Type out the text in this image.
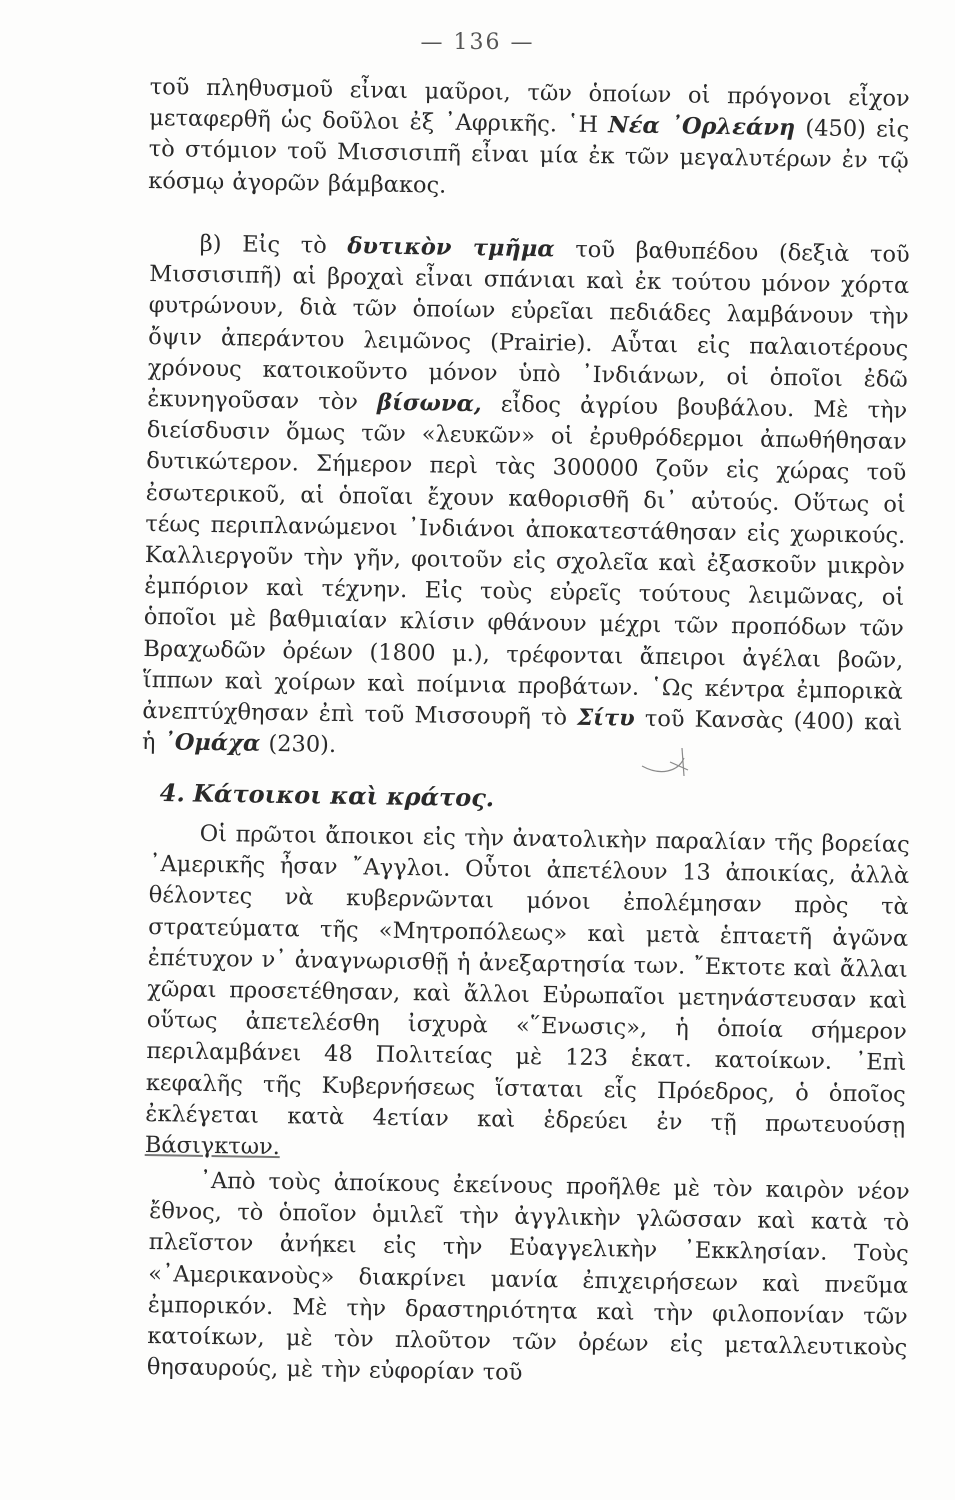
— 136 —

τοῦ πληθυσμοῦ εἶναι μαῦροι, τῶν ὁποίων οἱ πρόγονοι εἶχον μεταφερθῆ ὡς δοῦλοι ἐξ ᾿Αφρικῆς. ῾Η Νέα ᾿Ορλεάνη (450) εἰς τὸ στόμιον τοῦ Μισσισιπῆ εἶναι μία ἐκ τῶν μεγαλυτέρων ἐν τῷ κόσμῳ ἀγορῶν βάμβακος.

β) Εἰς τὸ δυτικὸν τμῆμα τοῦ βαθυπέδου (δεξιὰ τοῦ Μισσισιπῆ) αἱ βροχαὶ εἶναι σπάνιαι καὶ ἐκ τούτου μόνον χόρτα φυτρώνουν, διὰ τῶν ὁποίων εὐρεῖαι πεδιάδες λαμβάνουν τὴν ὄψιν ἀπεράντου λειμῶνος (Prairie). Αὗται εἰς παλαιοτέρους χρόνους κατοικοῦντο μόνον ὑπὸ ᾿Ινδιάνων, οἱ ὁποῖοι ἐδῶ ἐκυνηγοῦσαν τὸν βίσωνα, εἶδος ἀγρίου βουβάλου. Μὲ τὴν διείσδυσιν ὅμως τῶν «λευκῶν» οἱ ἐρυθρόδερμοι ἀπωθήθησαν δυτικώτερον. Σήμερον περὶ τὰς 300000 ζοῦν εἰς χώρας τοῦ ἐσωτερικοῦ, αἱ ὁποῖαι ἔχουν καθορισθῆ δι᾿ αὐτούς. Οὕτως οἱ τέως περιπλανώμενοι ᾿Ινδιάνοι ἀποκατεστάθησαν εἰς χωρικούς. Καλλιεργοῦν τὴν γῆν, φοιτοῦν εἰς σχολεῖα καὶ ἐξασκοῦν μικρὸν ἐμπόριον καὶ τέχνην. Εἰς τοὺς εὐρεῖς τούτους λειμῶνας, οἱ ὁποῖοι μὲ βαθμιαίαν κλίσιν φθάνουν μέχρι τῶν προπόδων τῶν Βραχωδῶν ὀρέων (1800 μ.), τρέφονται ἄπειροι ἀγέλαι βοῶν, ἵππων καὶ χοίρων καὶ ποίμνια προβάτων. ῾Ως κέντρα ἐμπορικὰ ἀνεπτύχθησαν ἐπὶ τοῦ Μισσουρῆ τὸ Σίτυ τοῦ Κανσὰς (400) καὶ ἡ ᾿Ομάχα (230).

4. Κάτοικοι καὶ κράτος.

Οἱ πρῶτοι ἄποικοι εἰς τὴν ἀνατολικὴν παραλίαν τῆς βορείας ᾿Αμερικῆς ἦσαν ῎Αγγλοι. Οὗτοι ἀπετέλουν 13 ἀποικίας, ἀλλὰ θέλοντες νὰ κυβερνῶνται μόνοι ἐπολέμησαν πρὸς τὰ στρατεύματα τῆς «Μητροπόλεως» καὶ μετὰ ἑπταετῆ ἀγῶνα ἐπέτυχον ν᾿ ἀναγνωρισθῇ ἡ ἀνεξαρτησία των. ῎Εκτοτε καὶ ἄλλαι χῶραι προσετέθησαν, καὶ ἄλλοι Εὐρωπαῖοι μετηνάστευσαν καὶ οὕτως ἀπετελέσθη ἰσχυρὰ «῞Ενωσις», ἡ ὁποία σήμερον περιλαμβάνει 48 Πολιτείας μὲ 123 ἑκατ. κατοίκων. ᾿Επὶ κεφαλῆς τῆς Κυβερνήσεως ἵσταται εἷς Πρόεδρος, ὁ ὁποῖος ἐκλέγεται κατὰ 4ετίαν καὶ ἑδρεύει ἐν τῇ πρωτευούσῃ Βάσιγκτων.

᾿Απὸ τοὺς ἀποίκους ἐκείνους προῆλθε μὲ τὸν καιρὸν νέον ἔθνος, τὸ ὁποῖον ὁμιλεῖ τὴν ἀγγλικὴν γλῶσσαν καὶ κατὰ τὸ πλεῖστον ἀνήκει εἰς τὴν Εὐαγγελικὴν ᾿Εκκλησίαν. Τοὺς «᾿Αμερικανοὺς» διακρίνει μανία ἐπιχειρήσεων καὶ πνεῦμα ἐμπορικόν. Μὲ τὴν δραστηριότητα καὶ τὴν φιλοπονίαν τῶν κατοίκων, μὲ τὸν πλοῦτον τῶν ὀρέων εἰς μεταλλευτικοὺς θησαυρούς, μὲ τὴν εὐφορίαν τοῦ
